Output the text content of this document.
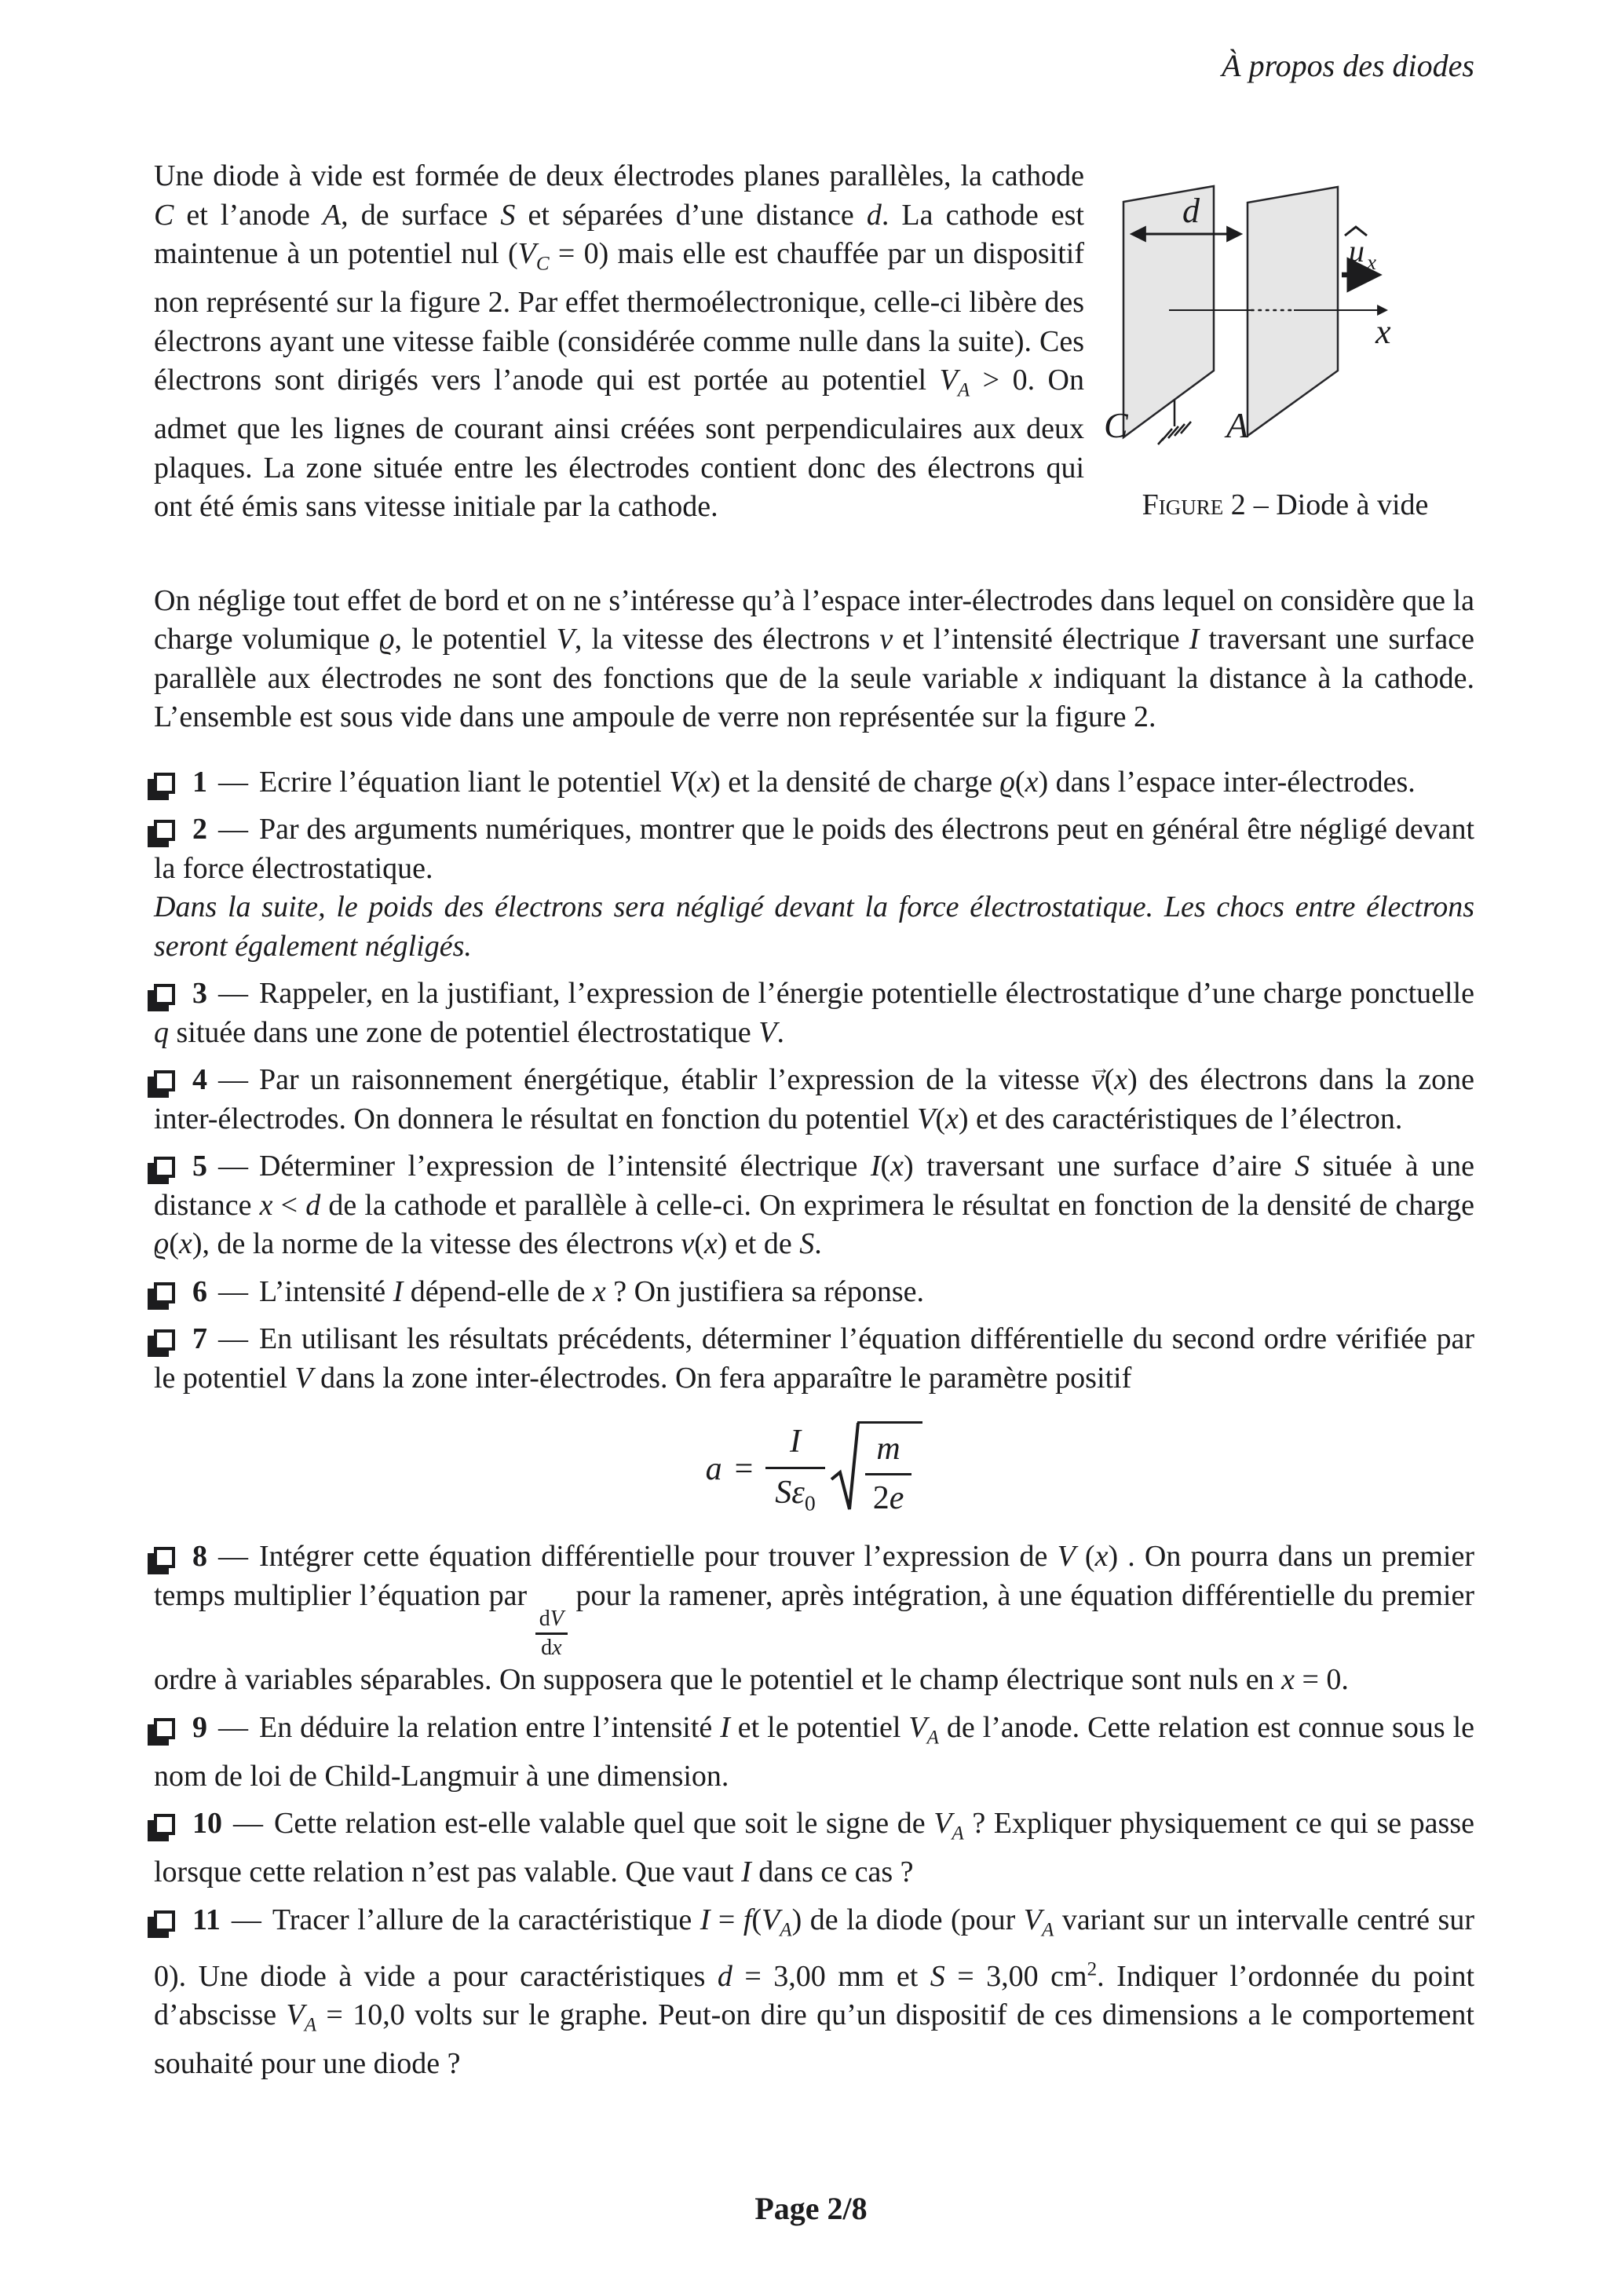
À propos des diodes

Une diode à vide est formée de deux électrodes planes parallèles, la cathode C et l’anode A, de surface S et séparées d’une distance d. La cathode est maintenue à un potentiel nul $(V_C = 0)$ mais elle est chauffée par un dispositif non représenté sur la figure 2. Par effet thermoélectronique, celle-ci libère des électrons ayant une vitesse faible (considérée comme nulle dans la suite). Ces électrons sont dirigés vers l’anode qui est portée au potentiel $V_A > 0$. On admet que les lignes de courant ainsi créées sont perpendiculaires aux deux plaques. La zone située entre les électrodes contient donc des électrons qui ont été émis sans vitesse initiale par la cathode.

d
x
u x
C	A
Figure 2 – Diode à vide

On néglige tout effet de bord et on ne s’intéresse qu’à l’espace inter-électrodes dans lequel on considère que la charge volumique ϱ, le potentiel V, la vitesse des électrons v et l’intensité électrique I traversant une surface parallèle aux électrodes ne sont des fonctions que de la seule variable x indiquant la distance à la cathode. L’ensemble est sous vide dans une ampoule de verre non représentée sur la figure 2.

1 — Ecrire l’équation liant le potentiel V(x) et la densité de charge ϱ(x) dans l’espace inter-électrodes.

2 — Par des arguments numériques, montrer que le poids des électrons peut en général être négligé devant la force électrostatique.

Dans la suite, le poids des électrons sera négligé devant la force électrostatique. Les chocs entre électrons seront également négligés.

3 — Rappeler, en la justifiant, l’expression de l’énergie potentielle électrostatique d’une charge ponctuelle q située dans une zone de potentiel électrostatique V.

4 — Par un raisonnement énergétique, établir l’expression de la vitesse → v(x) des électrons dans la zone inter-électrodes. On donnera le résultat en fonction du potentiel V(x) et des caractéristiques de l’électron.

5 — Déterminer l’expression de l’intensité électrique I(x) traversant une surface d’aire S située à une distance x < d de la cathode et parallèle à celle-ci. On exprimera le résultat en fonction de la densité de charge ϱ(x), de la norme de la vitesse des électrons v(x) et de S.

6 — L’intensité I dépend-elle de x ? On justifiera sa réponse.

7 — En utilisant les résultats précédents, déterminer l’équation différentielle du second ordre vérifiée par le potentiel V dans la zone inter-électrodes. On fera apparaître le paramètre positif

$a = \frac{I}{S\varepsilon_0} \frac{m}{2e}$

8 — Intégrer cette équation différentielle pour trouver l’expression de V (x) . On pourra dans un premier temps multiplier l’équation par
$\frac{dV}{dx}$
pour la ramener, après intégration, à une équation différentielle du premier ordre à variables séparables. On supposera que le potentiel et le champ électrique sont nuls en x = 0.

9 — En déduire la relation entre l’intensité I et le potentiel $V_A$ de l’anode. Cette relation est connue sous le nom de loi de Child-Langmuir à une dimension.

10 — Cette relation est-elle valable quel que soit le signe de $V_A$ ? Expliquer physiquement ce qui se passe lorsque cette relation n’est pas valable. Que vaut I dans ce cas ?

11 — Tracer l’allure de la caractéristique $I = f(V_A)$ de la diode (pour $V_A$ variant sur un intervalle centré sur 0). Une diode à vide a pour caractéristiques d = 3,00 mm et S = 3,00 $cm^2$. Indiquer l’ordonnée du point d’abscisse $V_A = 10,0$ volts sur le graphe. Peut-on dire qu’un dispositif de ces dimensions a le comportement souhaité pour une diode ?

Page 2/8
